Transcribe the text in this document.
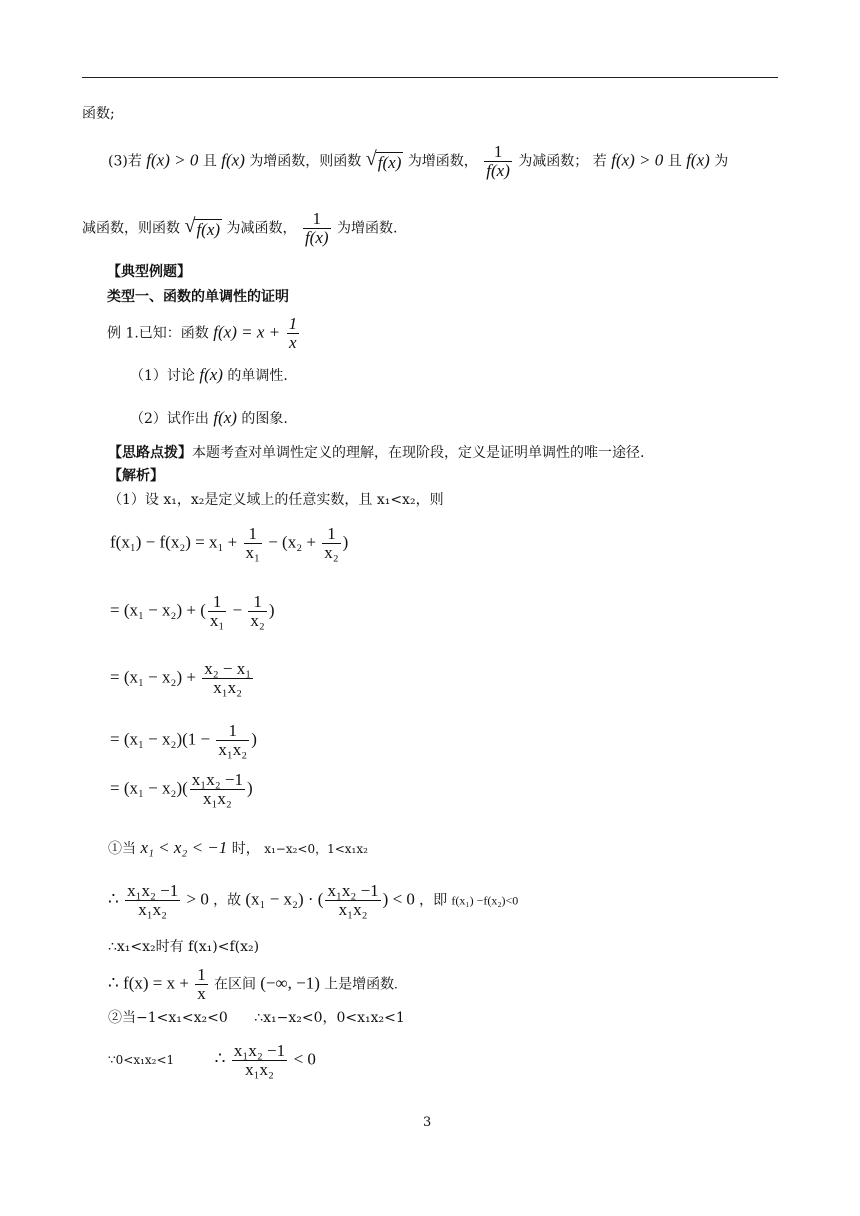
函数;
(3)若 f(x) > 0 且 f(x) 为增函数，则函数 √ f(x) 为增函数， $\frac{1}{f(x)}$ 为减函数； 若 f(x) > 0 且 f(x) 为
减函数，则函数 √ f(x) 为减函数， $\frac{1}{f(x)}$ 为增函数.
【典型例题】
类型一、函数的单调性的证明
例 1.已知：函数 $f(x) = x + \frac{1}{x}$
（1）讨论 f(x) 的单调性.
（2）试作出 f(x) 的图象.
【思路点拨】本题考查对单调性定义的理解，在现阶段，定义是证明单调性的唯一途径.
【解析】
（1）设 x₁，x₂是定义域上的任意实数，且 x₁<x₂，则
$f(x_1) - f(x_2) = x_1 + \frac{1}{\text{x₁}} - (x_2 + \frac{1}{\text{x₂}}$ )
= (x₁ − x₂) + ( $\frac{1}{\text{x₁}} - \frac{1}{\text{x₂}}$ )
= $(x_1 - x_2) + \frac{\text{x₂ − x₁}}{\text{x₁x₂}}$
= $(x_1 - x_2)(1 - \frac{1}{\text{x₁x₂}}$ )
= $(x_1 - x_2)( \frac{\text{x₁x₂ −1}}{\text{x₁x₂}}$ )
①当 x₁ < x₂ < −1 时， x₁−x₂<0，1<x₁x₂
∴ $\frac{\text{x₁x₂ −1}}{\text{x₁x₂}} > 0$ ，故 (x₁ − x₂) · ( $\frac{\text{x₁x₂ −1}}{\text{x₁x₂}}$ ) < 0 ，即 f(x₁) −f(x₂)<0
∴x₁<x₂时有 f(x₁)<f(x₂)
∴ $f(x) = x + \frac{1}{x}$ 在区间 (−∞, −1) 上是增函数.
②当−1<x₁<x₂<0 ∴x₁−x₂<0，0<x₁x₂<1
∵0<x₁x₂<1 ∴ $\frac{\text{x₁x₂ −1}}{\text{x₁x₂}} < 0$
3
